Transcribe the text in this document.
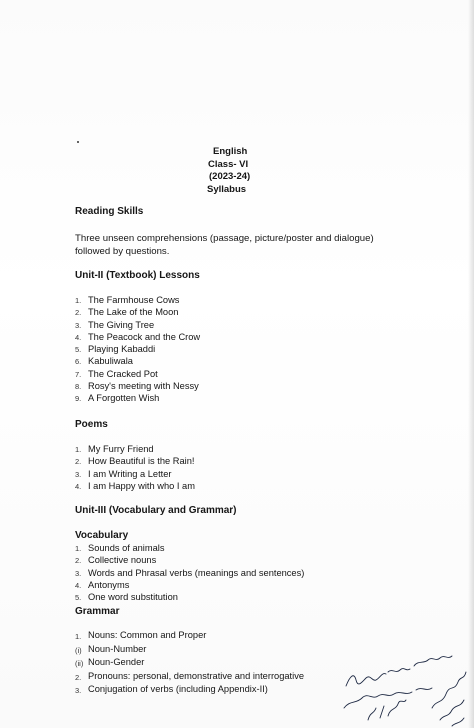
English
Class- VI
(2023-24)
Syllabus
Reading Skills
Three unseen comprehensions (passage, picture/poster and dialogue)
followed by questions.
Unit-II (Textbook) Lessons
1. The Farmhouse Cows
2. The Lake of the Moon
3. The Giving Tree
4. The Peacock and the Crow
5. Playing Kabaddi
6. Kabuliwala
7. The Cracked Pot
8. Rosy's meeting with Nessy
9. A Forgotten Wish
Poems
1. My Furry Friend
2. How Beautiful is the Rain!
3. I am Writing a Letter
4. I am Happy with who I am
Unit-III (Vocabulary and Grammar)
Vocabulary
1. Sounds of animals
2. Collective nouns
3. Words and Phrasal verbs (meanings and sentences)
4. Antonyms
5. One word substitution
Grammar
1. Nouns: Common and Proper
(i) Noun-Number
(ii) Noun-Gender
2. Pronouns: personal, demonstrative and interrogative
3. Conjugation of verbs (including Appendix-II)
